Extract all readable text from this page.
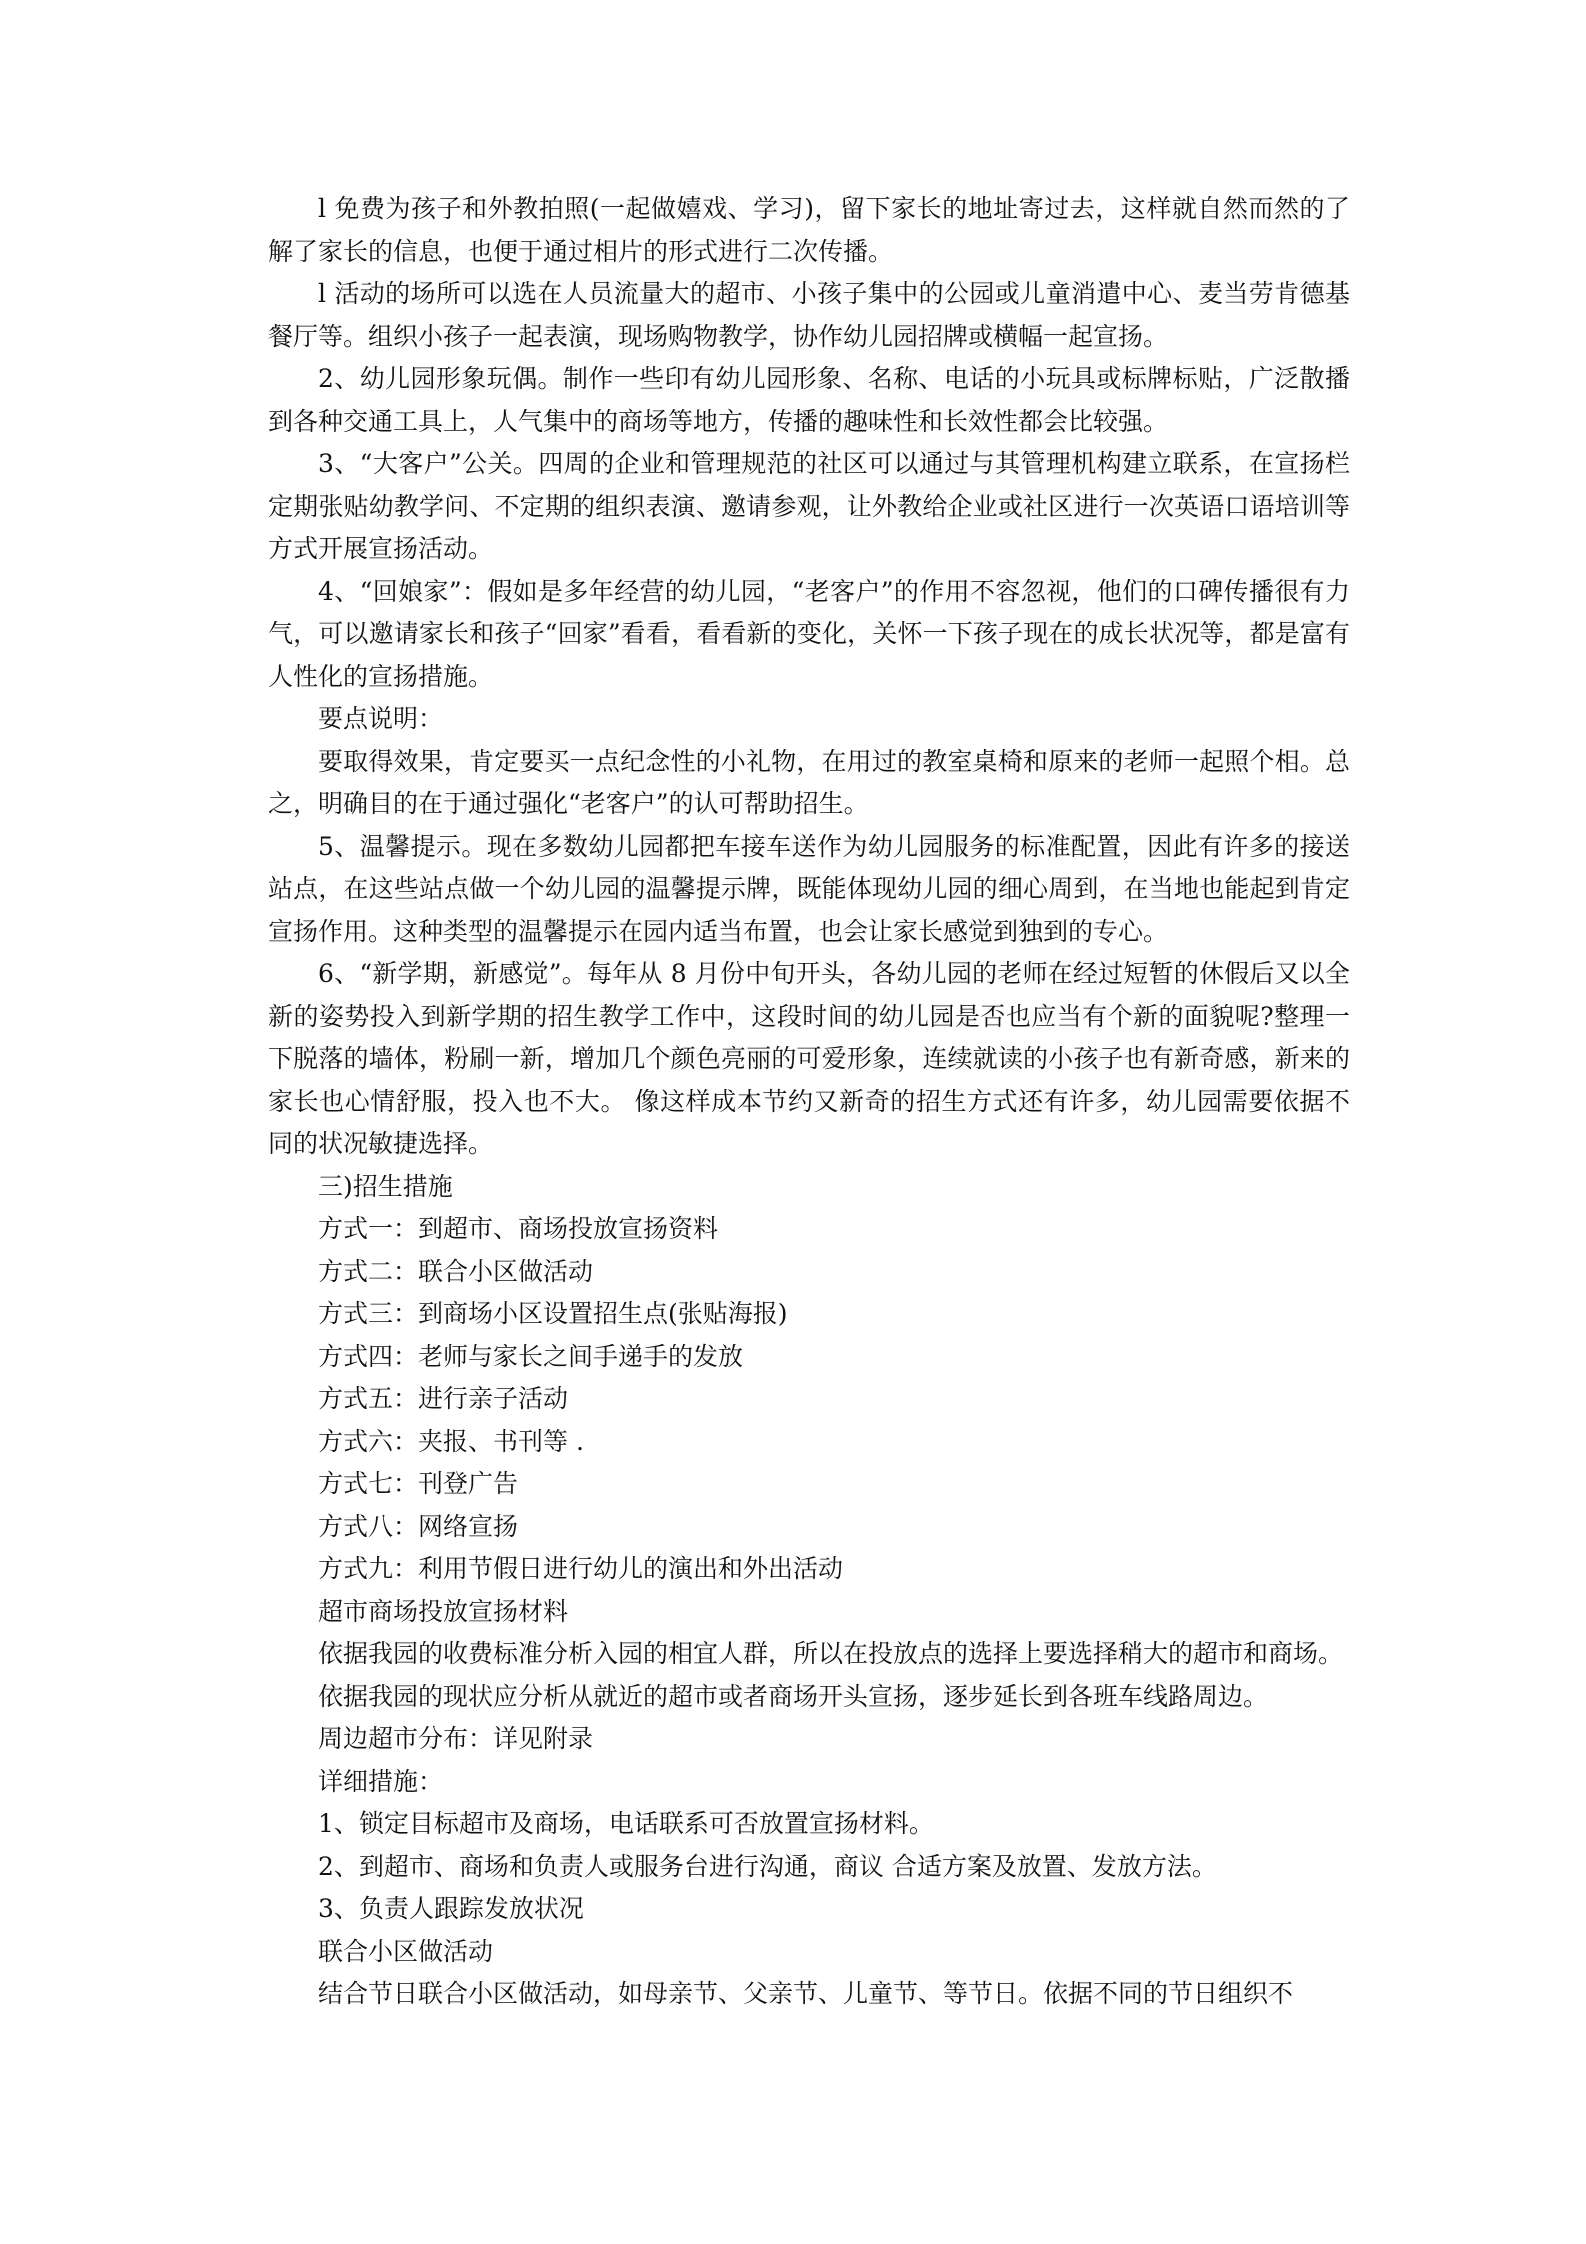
l 免费为孩子和外教拍照(一起做嬉戏、学习)，留下家长的地址寄过去，这样就自然而然的了解了家长的信息，也便于通过相片的形式进行二次传播。

l 活动的场所可以选在人员流量大的超市、小孩子集中的公园或儿童消遣中心、麦当劳肯德基餐厅等。组织小孩子一起表演，现场购物教学，协作幼儿园招牌或横幅一起宣扬。

2、幼儿园形象玩偶。制作一些印有幼儿园形象、名称、电话的小玩具或标牌标贴，广泛散播到各种交通工具上，人气集中的商场等地方，传播的趣味性和长效性都会比较强。

3、“大客户”公关。四周的企业和管理规范的社区可以通过与其管理机构建立联系，在宣扬栏定期张贴幼教学问、不定期的组织表演、邀请参观，让外教给企业或社区进行一次英语口语培训等方式开展宣扬活动。

4、“回娘家”：假如是多年经营的幼儿园，“老客户”的作用不容忽视，他们的口碑传播很有力气，可以邀请家长和孩子“回家”看看，看看新的变化，关怀一下孩子现在的成长状况等，都是富有人性化的宣扬措施。

要点说明：

要取得效果，肯定要买一点纪念性的小礼物，在用过的教室桌椅和原来的老师一起照个相。总之，明确目的在于通过强化“老客户”的认可帮助招生。

5、温馨提示。现在多数幼儿园都把车接车送作为幼儿园服务的标准配置，因此有许多的接送站点，在这些站点做一个幼儿园的温馨提示牌，既能体现幼儿园的细心周到，在当地也能起到肯定宣扬作用。这种类型的温馨提示在园内适当布置，也会让家长感觉到独到的专心。

6、“新学期，新感觉”。每年从 8 月份中旬开头，各幼儿园的老师在经过短暂的休假后又以全新的姿势投入到新学期的招生教学工作中，这段时间的幼儿园是否也应当有个新的面貌呢?整理一下脱落的墙体，粉刷一新，增加几个颜色亮丽的可爱形象，连续就读的小孩子也有新奇感，新来的家长也心情舒服，投入也不大。 像这样成本节约又新奇的招生方式还有许多，幼儿园需要依据不同的状况敏捷选择。

三)招生措施

方式一：到超市、商场投放宣扬资料

方式二：联合小区做活动

方式三：到商场小区设置招生点(张贴海报)

方式四：老师与家长之间手递手的发放

方式五：进行亲子活动

方式六：夹报、书刊等 .

方式七：刊登广告

方式八：网络宣扬

方式九：利用节假日进行幼儿的演出和外出活动

超市商场投放宣扬材料

依据我园的收费标准分析入园的相宜人群，所以在投放点的选择上要选择稍大的超市和商场。

依据我园的现状应分析从就近的超市或者商场开头宣扬，逐步延长到各班车线路周边。

周边超市分布：详见附录

详细措施：

1、锁定目标超市及商场，电话联系可否放置宣扬材料。

2、到超市、商场和负责人或服务台进行沟通，商议 合适方案及放置、发放方法。

3、负责人跟踪发放状况

联合小区做活动

结合节日联合小区做活动，如母亲节、父亲节、儿童节、等节日。依据不同的节日组织不
